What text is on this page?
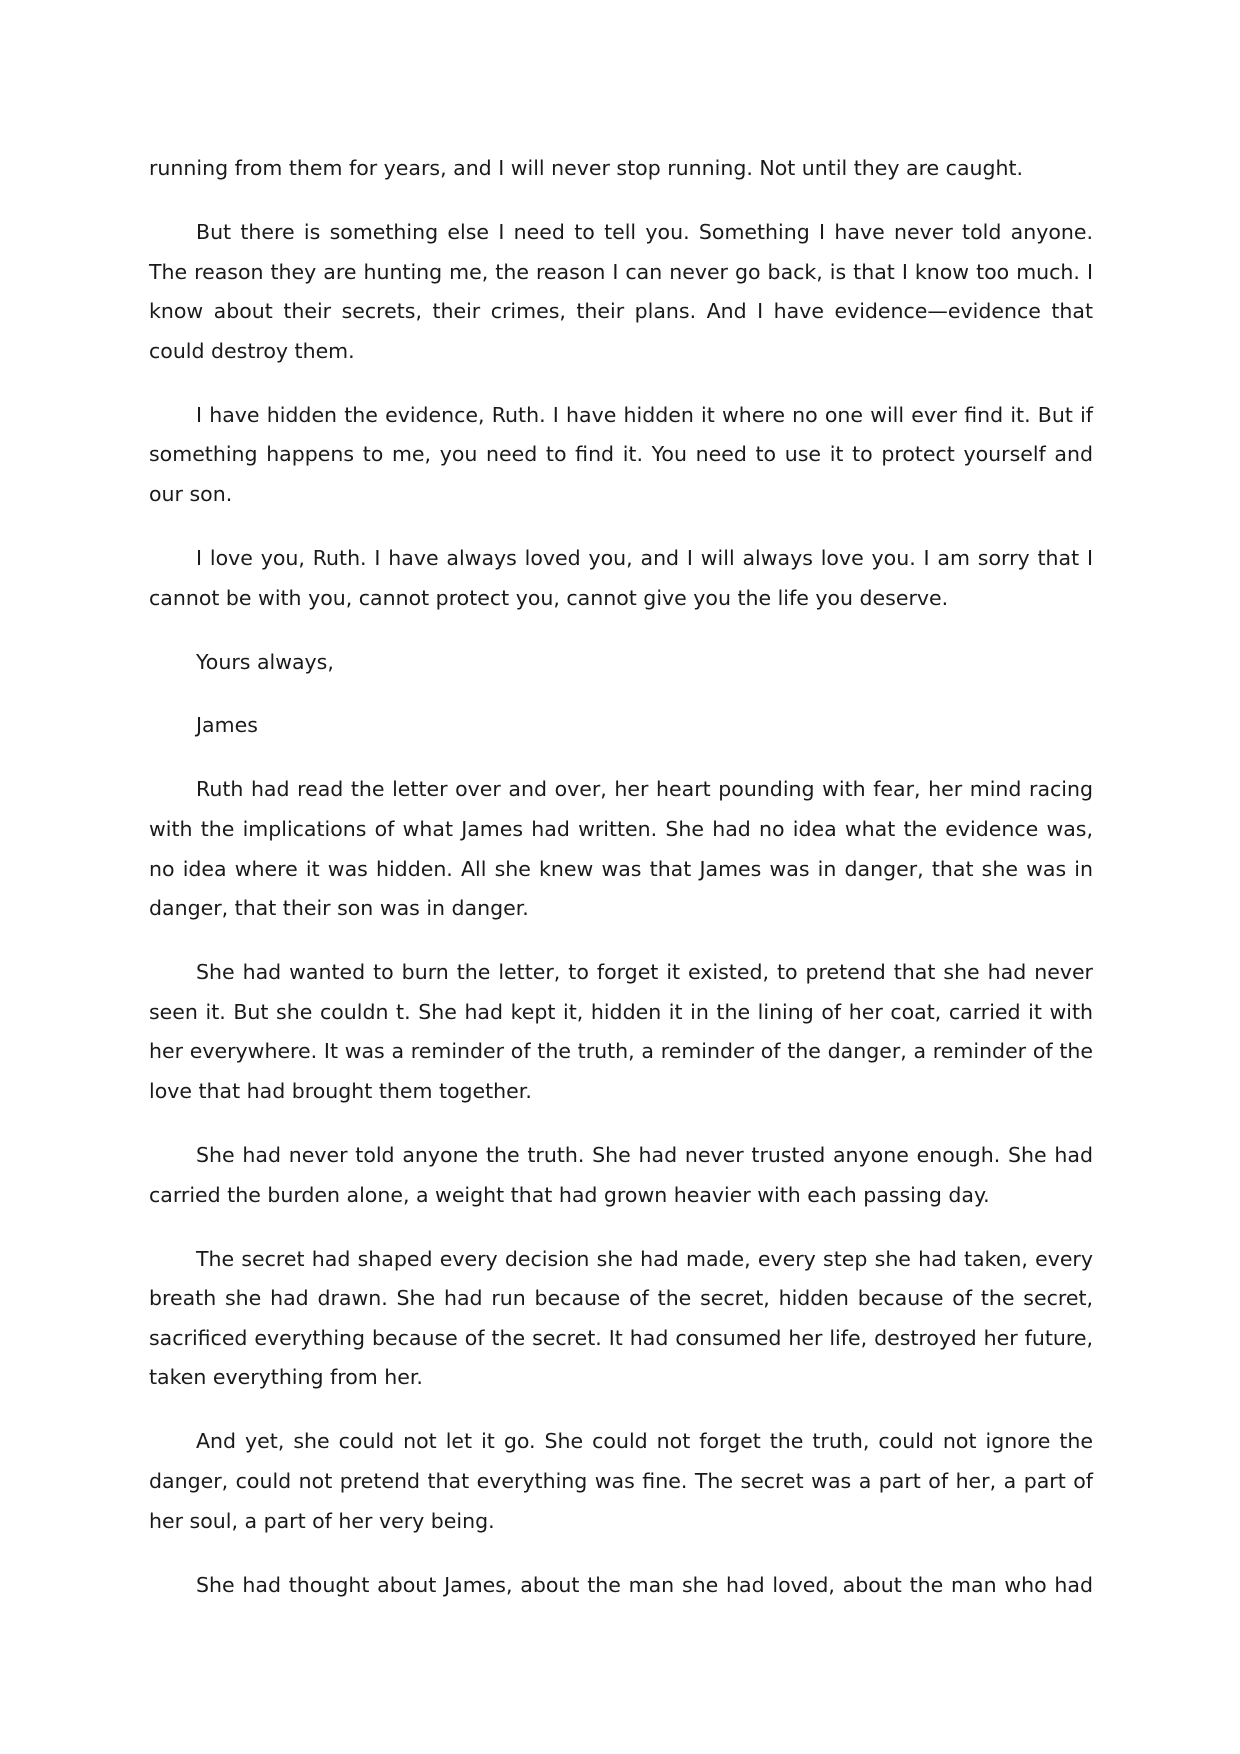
running from them for years, and I will never stop running. Not until they are caught.

But there is something else I need to tell you. Something I have never told anyone. The reason they are hunting me, the reason I can never go back, is that I know too much. I know about their secrets, their crimes, their plans. And I have evidence—evidence that could destroy them.

I have hidden the evidence, Ruth. I have hidden it where no one will ever find it. But if something happens to me, you need to find it. You need to use it to protect yourself and our son.

I love you, Ruth. I have always loved you, and I will always love you. I am sorry that I cannot be with you, cannot protect you, cannot give you the life you deserve.

Yours always,

James

Ruth had read the letter over and over, her heart pounding with fear, her mind racing with the implications of what James had written. She had no idea what the evidence was, no idea where it was hidden. All she knew was that James was in danger, that she was in danger, that their son was in danger.

She had wanted to burn the letter, to forget it existed, to pretend that she had never seen it. But she couldn t. She had kept it, hidden it in the lining of her coat, carried it with her everywhere. It was a reminder of the truth, a reminder of the danger, a reminder of the love that had brought them together.

She had never told anyone the truth. She had never trusted anyone enough. She had carried the burden alone, a weight that had grown heavier with each passing day.

The secret had shaped every decision she had made, every step she had taken, every breath she had drawn. She had run because of the secret, hidden because of the secret, sacrificed everything because of the secret. It had consumed her life, destroyed her future, taken everything from her.

And yet, she could not let it go. She could not forget the truth, could not ignore the danger, could not pretend that everything was fine. The secret was a part of her, a part of her soul, a part of her very being.

She had thought about James, about the man she had loved, about the man who had
